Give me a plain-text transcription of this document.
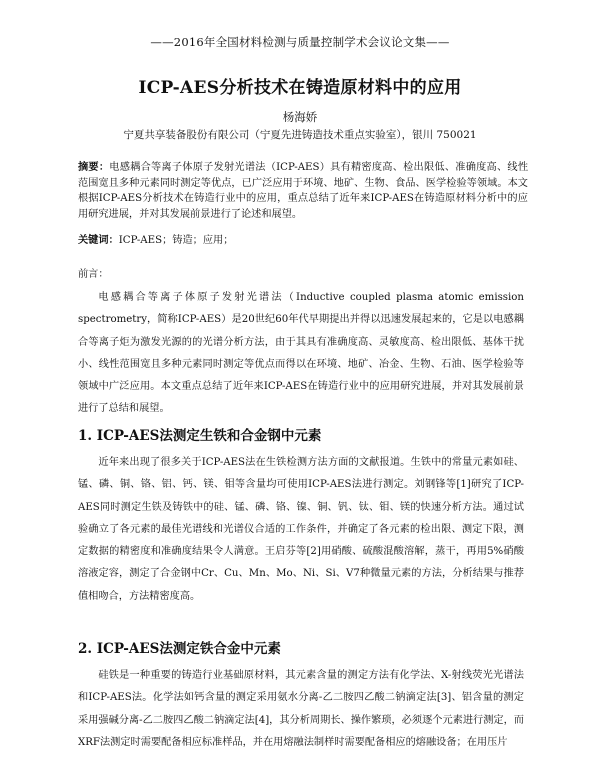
——2016年全国材料检测与质量控制学术会议论文集——
ICP-AES分析技术在铸造原材料中的应用
杨海娇
宁夏共享装备股份有限公司（宁夏先进铸造技术重点实验室），银川 750021
摘要：电感耦合等离子体原子发射光谱法（ICP-AES）具有精密度高、检出限低、准确度高、线性范围宽且多种元素同时测定等优点，已广泛应用于环境、地矿、生物、食品、医学检验等领域。本文根据ICP-AES分析技术在铸造行业中的应用，重点总结了近年来ICP-AES在铸造原材料分析中的应用研究进展，并对其发展前景进行了论述和展望。
关键词：ICP-AES；铸造；应用；
前言：
电感耦合等离子体原子发射光谱法（Inductive coupled plasma atomic emission spectrometry，简称ICP-AES）是20世纪60年代早期提出并得以迅速发展起来的，它是以电感耦合等离子炬为激发光源的的光谱分析方法，由于其具有准确度高、灵敏度高、检出限低、基体干扰小、线性范围宽且多种元素同时测定等优点而得以在环境、地矿、冶金、生物、石油、医学检验等领域中广泛应用。本文重点总结了近年来ICP-AES在铸造行业中的应用研究进展，并对其发展前景进行了总结和展望。
1. ICP-AES法测定生铁和合金钢中元素
近年来出现了很多关于ICP-AES法在生铁检测方法方面的文献报道。生铁中的常量元素如硅、锰、磷、铜、铬、铝、钙、镁、钼等含量均可使用ICP-AES法进行测定。刘钢锋等[1]研究了ICP-AES同时测定生铁及铸铁中的硅、锰、磷、铬、镍、铜、钒、钛、钼、镁的快速分析方法。通过试验确立了各元素的最佳光谱线和光谱仪合适的工作条件，并确定了各元素的检出限、测定下限，测定数据的精密度和准确度结果令人满意。王启芬等[2]用硝酸、硫酸混酸溶解，蒸干，再用5%硝酸溶液定容，测定了合金钢中Cr、Cu、Mn、Mo、Ni、Si、V7种微量元素的方法，分析结果与推荐值相吻合，方法精密度高。
2. ICP-AES法测定铁合金中元素
硅铁是一种重要的铸造行业基础原材料，其元素含量的测定方法有化学法、X-射线荧光光谱法和ICP-AES法。化学法如钙含量的测定采用氨水分离-乙二胺四乙酸二钠滴定法[3]、铝含量的测定采用强碱分离-乙二胺四乙酸二钠滴定法[4]，其分析周期长、操作繁琐，必须逐个元素进行测定，而XRF法测定时需要配备相应标准样品，并在用熔融法制样时需要配备相应的熔融设备；在用压片
